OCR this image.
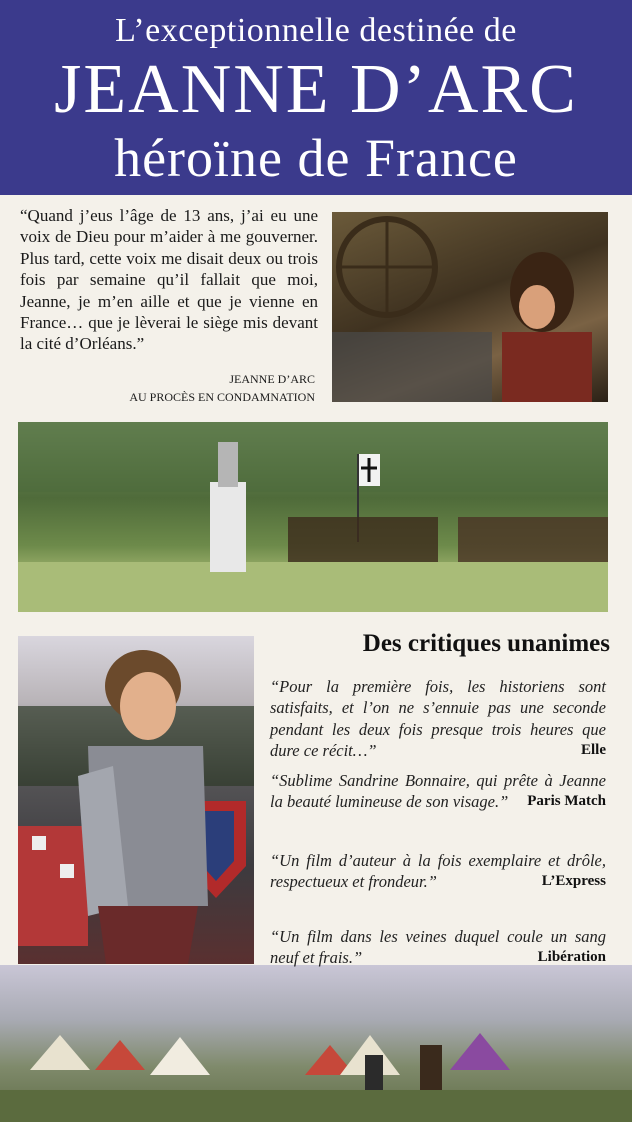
L’exceptionnelle destinée de
JEANNE D’ARC
héroïne de France
“Quand j’eus l’âge de 13 ans, j’ai eu une voix de Dieu pour m’aider à me gouverner. Plus tard, cette voix me disait deux ou trois fois par semaine qu’il fallait que moi, Jeanne, je m’en aille et que je vienne en France… que je lèverai le siège mis devant la cité d’Orléans.”
JEANNE D’ARC
AU PROCÈS EN CONDAMNATION
Des critiques unanimes
“Pour la première fois, les historiens sont satisfaits, et l’on ne s’ennuie pas une seconde pendant les deux fois presque trois heures que dure ce récit…”	Elle
“Sublime Sandrine Bonnaire, qui prête à Jeanne la beauté lumineuse de son visage.” Paris Match
“Un film d’auteur à la fois exemplaire et drôle, respectueux et frondeur.”	L’Express
“Un film dans les veines duquel coule un sang neuf et frais.”	Libération
